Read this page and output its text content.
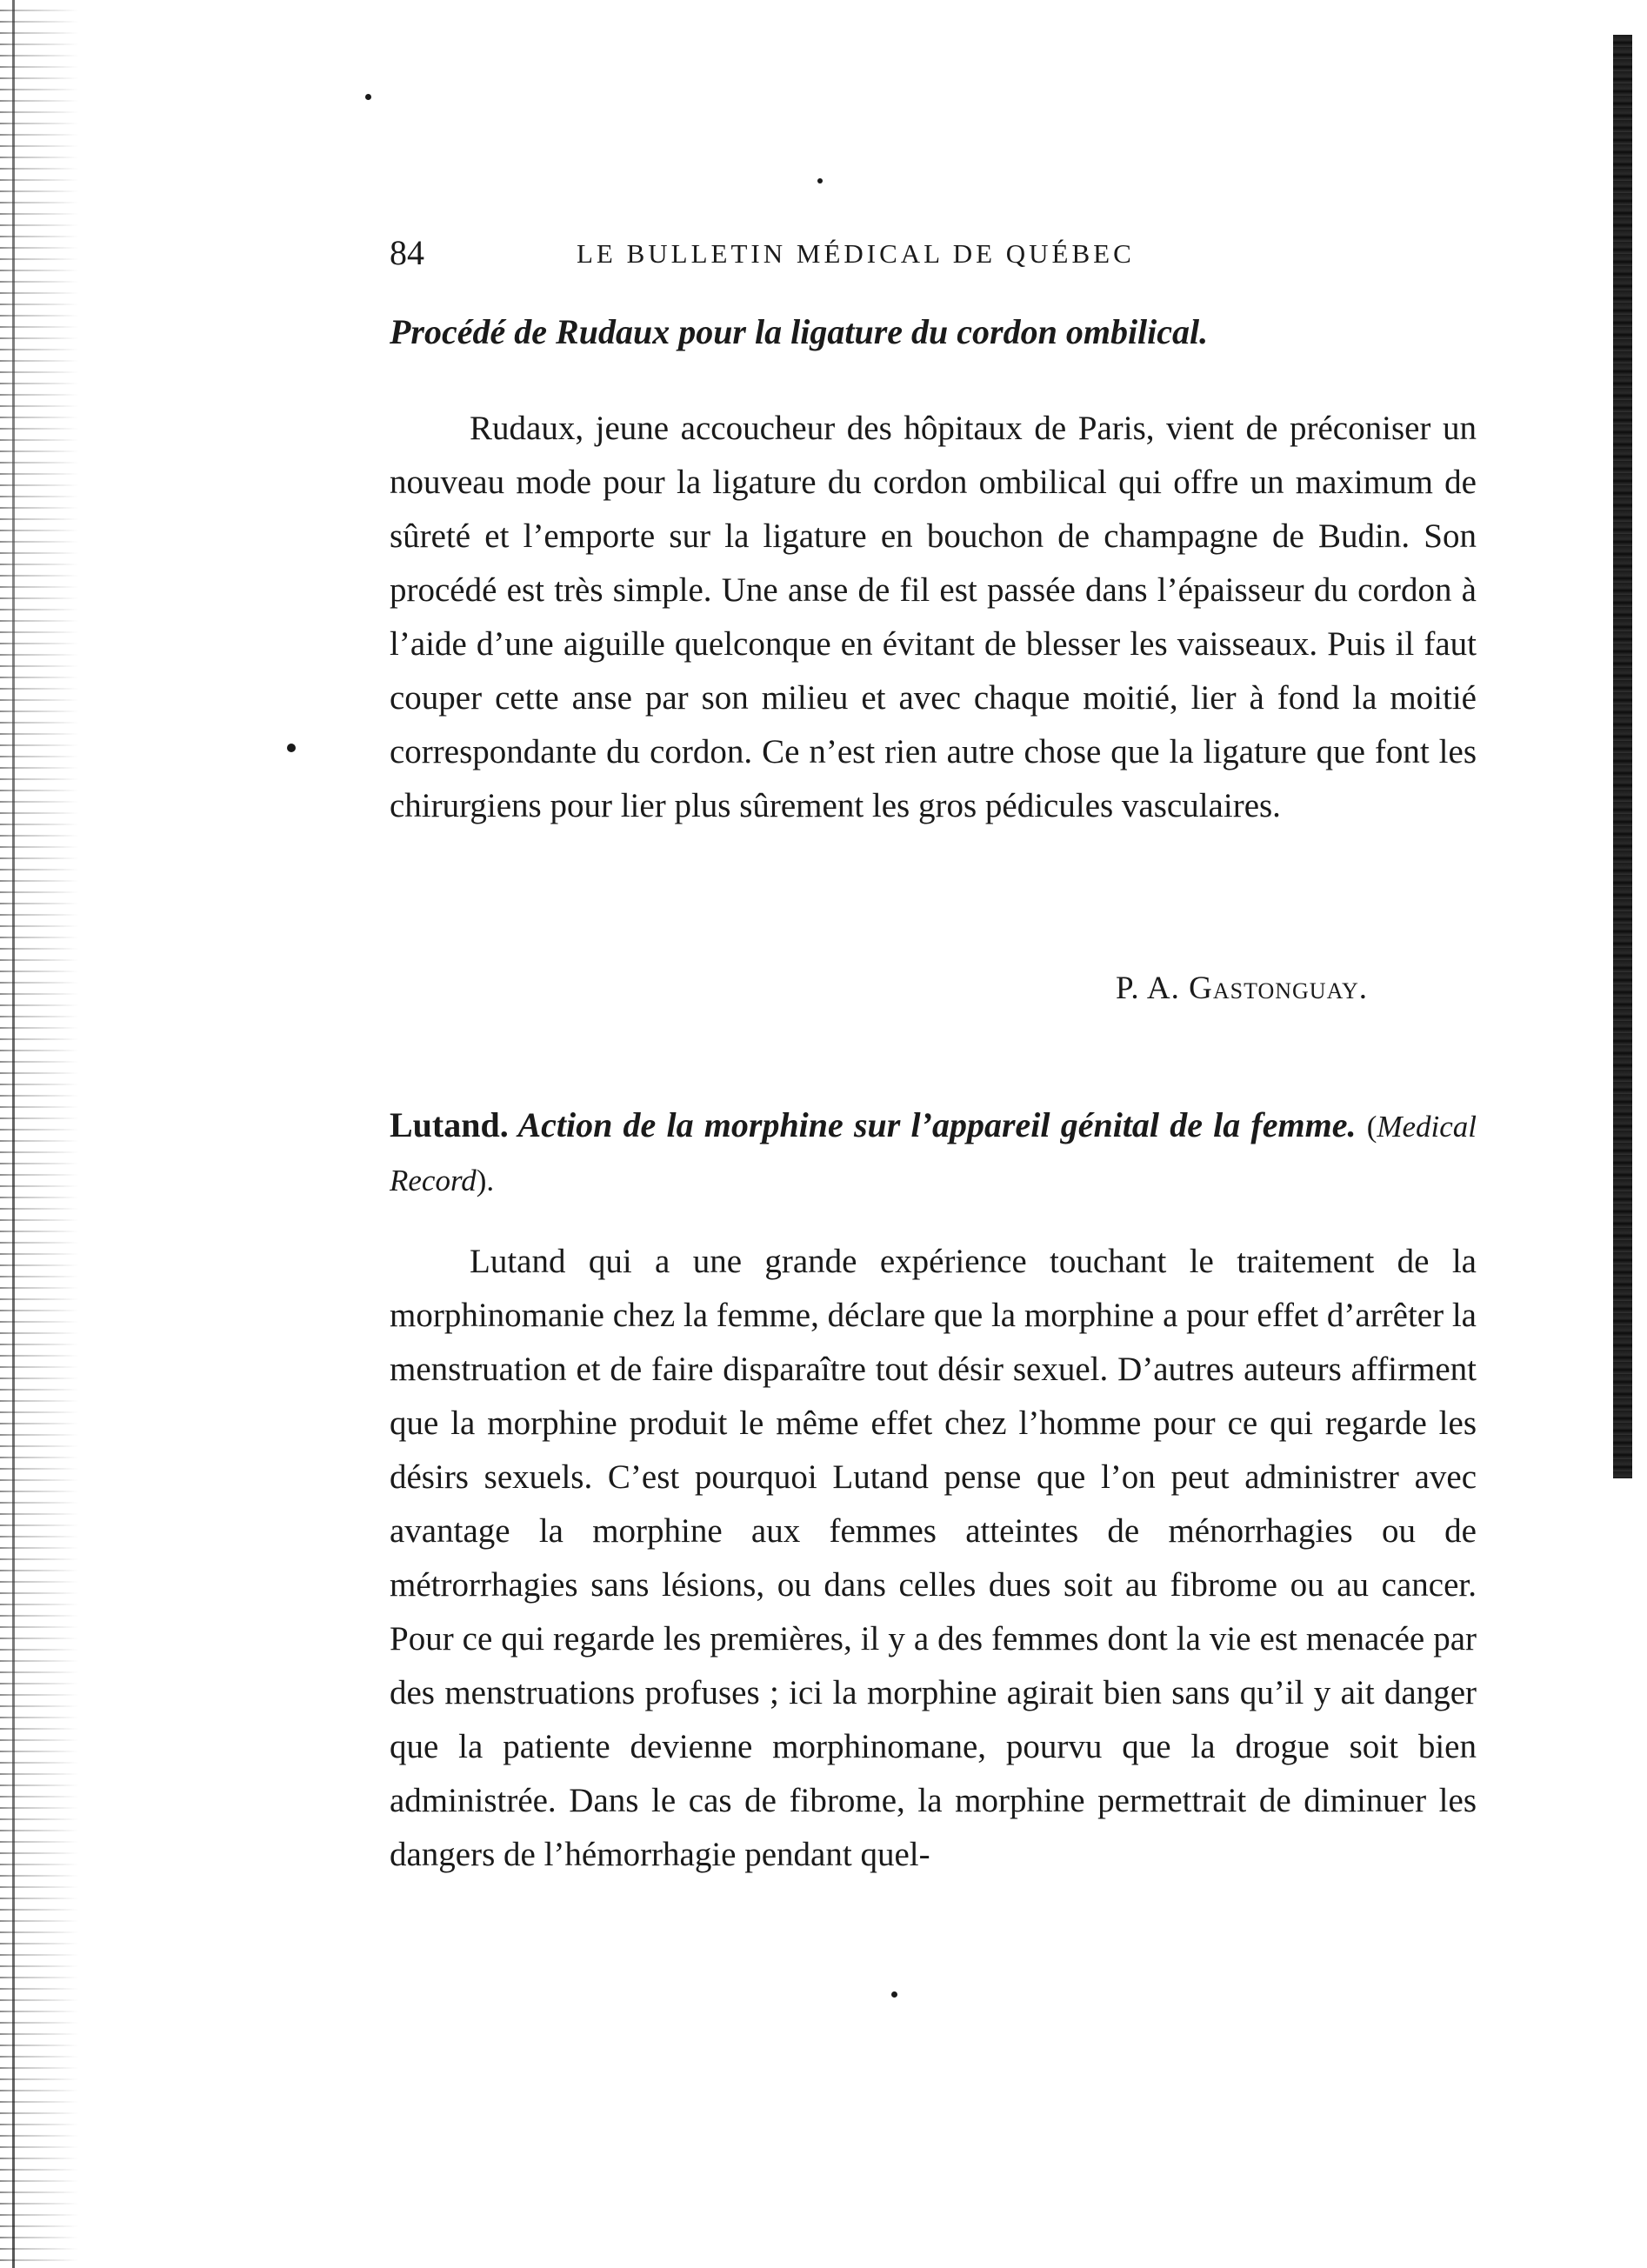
84	LE BULLETIN MÉDICAL DE QUÉBEC

Procédé de Rudaux pour la ligature du cordon ombilical.

Rudaux, jeune accoucheur des hôpitaux de Paris, vient de préconiser un nouveau mode pour la ligature du cordon ombilical qui offre un maximum de sûreté et l’emporte sur la ligature en bouchon de champagne de Budin. Son procédé est très simple. Une anse de fil est passée dans l’épaisseur du cordon à l’aide d’une aiguille quelconque en évitant de blesser les vaisseaux. Puis il faut couper cette anse par son milieu et avec chaque moitié, lier à fond la moitié correspondante du cordon. Ce n’est rien autre chose que la ligature que font les chirurgiens pour lier plus sûrement les gros pédicules vasculaires.

P. A. Gastonguay.

Lutand. Action de la morphine sur l’appareil génital de la femme. (Medical Record).

Lutand qui a une grande expérience touchant le traitement de la morphinomanie chez la femme, déclare que la morphine a pour effet d’arrêter la menstruation et de faire disparaître tout désir sexuel. D’autres auteurs affirment que la morphine produit le même effet chez l’homme pour ce qui regarde les désirs sexuels. C’est pourquoi Lutand pense que l’on peut administrer avec avantage la morphine aux femmes atteintes de ménorrhagies ou de métrorrhagies sans lésions, ou dans celles dues soit au fibrome ou au cancer. Pour ce qui regarde les premières, il y a des femmes dont la vie est menacée par des menstruations profuses ; ici la morphine agirait bien sans qu’il y ait danger que la patiente devienne morphinomane, pourvu que la drogue soit bien administrée. Dans le cas de fibrome, la morphine permettrait de diminuer les dangers de l’hémorrhagie pendant quel-
